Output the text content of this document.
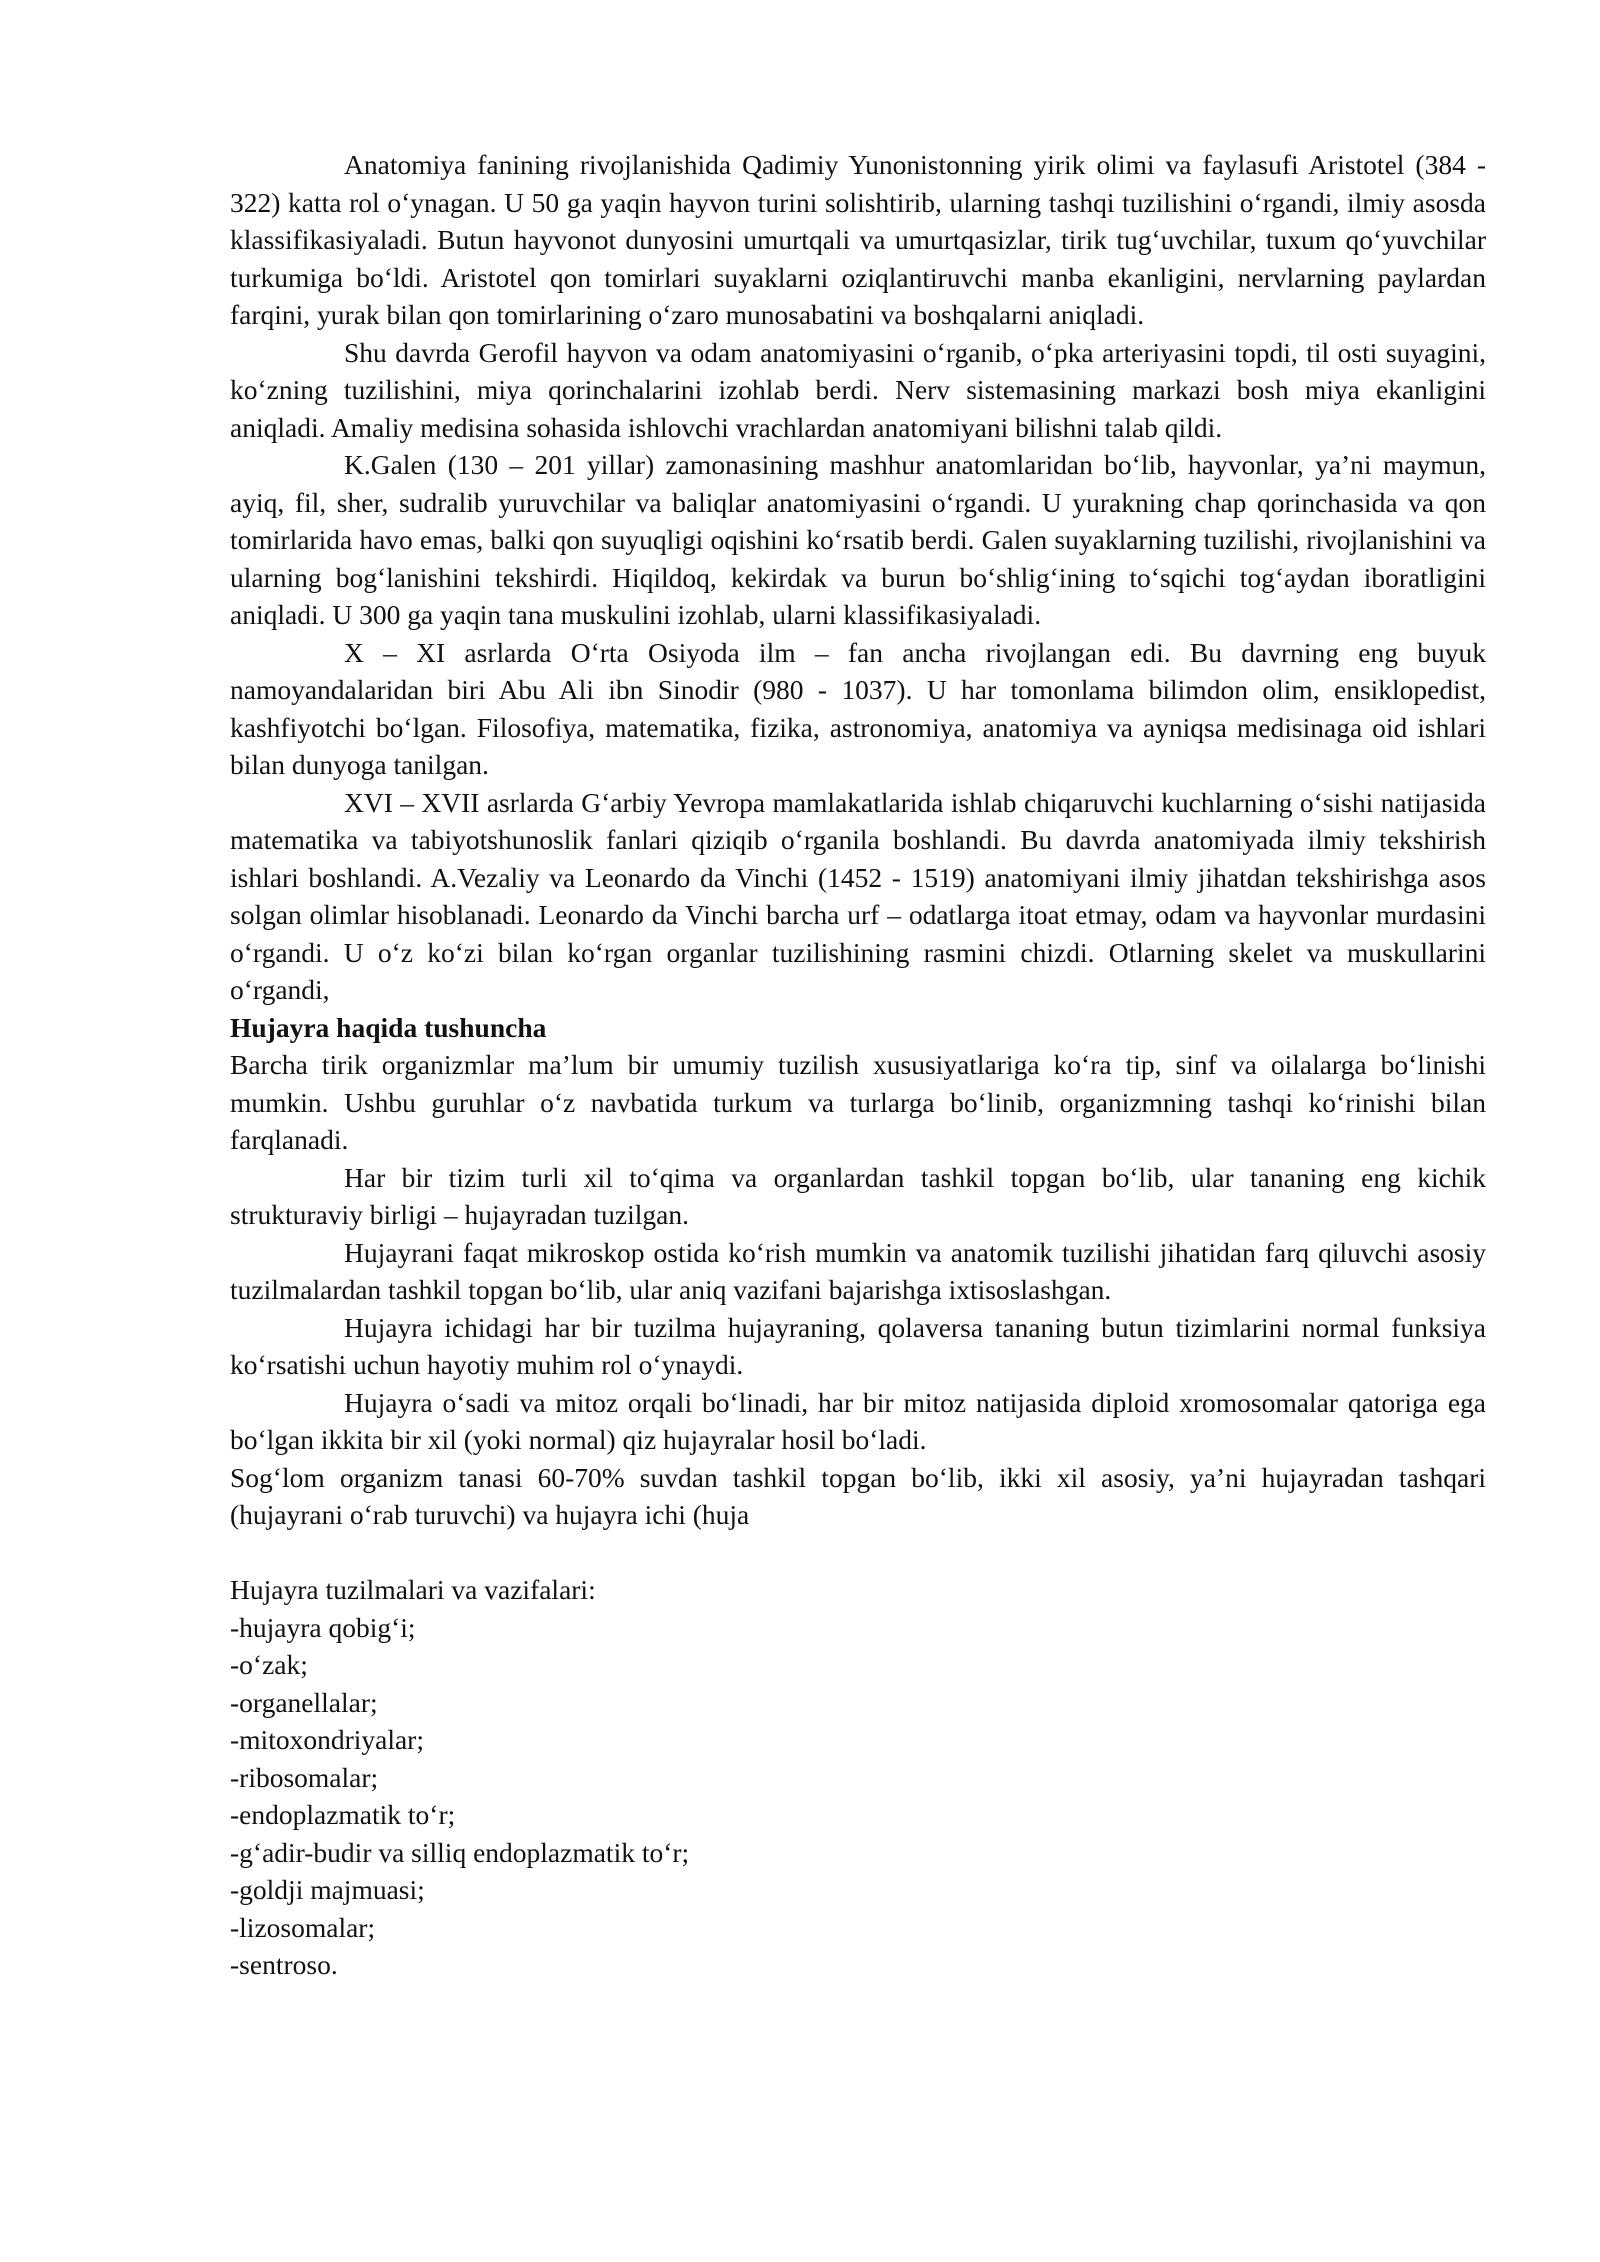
Anatomiya fanining rivojlanishida Qadimiy Yunonistonning yirik olimi va faylasufi Aristotel (384 - 322) katta rol o‘ynagan. U 50 ga yaqin hayvon turini solishtirib, ularning tashqi tuzilishini o‘rgandi, ilmiy asosda klassifikasiyaladi. Butun hayvonot dunyosini umurtqali va umurtqasizlar, tirik tug‘uvchilar, tuxum qo‘yuvchilar turkumiga bo‘ldi. Aristotel qon tomirlari suyaklarni oziqlantiruvchi manba ekanligini, nervlarning paylardan farqini, yurak bilan qon tomirlarining o‘zaro munosabatini va boshqalarni aniqladi.

Shu davrda Gerofil hayvon va odam anatomiyasini o‘rganib, o‘pka arteriyasini topdi, til osti suyagini, ko‘zning tuzilishini, miya qorinchalarini izohlab berdi. Nerv sistemasining markazi bosh miya ekanligini aniqladi. Amaliy medisina sohasida ishlovchi vrachlardan anatomiyani bilishni talab qildi.

K.Galen (130 – 201 yillar) zamonasining mashhur anatomlaridan bo‘lib, hayvonlar, ya’ni maymun, ayiq, fil, sher, sudralib yuruvchilar va baliqlar anatomiyasini o‘rgandi. U yurakning chap qorinchasida va qon tomirlarida havo emas, balki qon suyuqligi oqishini ko‘rsatib berdi. Galen suyaklarning tuzilishi, rivojlanishini va ularning bog‘lanishini tekshirdi. Hiqildoq, kekirdak va burun bo‘shlig‘ining to‘sqichi tog‘aydan iboratligini aniqladi. U 300 ga yaqin tana muskulini izohlab, ularni klassifikasiyaladi.

X – XI asrlarda O‘rta Osiyoda ilm – fan ancha rivojlangan edi. Bu davrning eng buyuk namoyandalaridan biri Abu Ali ibn Sinodir (980 - 1037). U har tomonlama bilimdon olim, ensiklopedist, kashfiyotchi bo‘lgan. Filosofiya, matematika, fizika, astronomiya, anatomiya va ayniqsa medisinaga oid ishlari bilan dunyoga tanilgan.

XVI – XVII asrlarda G‘arbiy Yevropa mamlakatlarida ishlab chiqaruvchi kuchlarning o‘sishi natijasida matematika va tabiyotshunoslik fanlari qiziqib o‘rganila boshlandi. Bu davrda anatomiyada ilmiy tekshirish ishlari boshlandi. A.Vezaliy va Leonardo da Vinchi (1452 - 1519) anatomiyani ilmiy jihatdan tekshirishga asos solgan olimlar hisoblanadi. Leonardo da Vinchi barcha urf – odatlarga itoat etmay, odam va hayvonlar murdasini o‘rgandi. U o‘z ko‘zi bilan ko‘rgan organlar tuzilishining rasmini chizdi. Otlarning skelet va muskullarini o‘rgandi,

Hujayra haqida tushuncha

Barcha tirik organizmlar ma’lum bir umumiy tuzilish xususiyatlariga ko‘ra tip, sinf va oilalarga bo‘linishi mumkin. Ushbu guruhlar o‘z navbatida turkum va turlarga bo‘linib, organizmning tashqi ko‘rinishi bilan farqlanadi.

Har bir tizim turli xil to‘qima va organlardan tashkil topgan bo‘lib, ular tananing eng kichik strukturaviy birligi – hujayradan tuzilgan.

Hujayrani faqat mikroskop ostida ko‘rish mumkin va anatomik tuzilishi jihatidan farq qiluvchi asosiy tuzilmalardan tashkil topgan bo‘lib, ular aniq vazifani bajarishga ixtisoslashgan.

Hujayra ichidagi har bir tuzilma hujayraning, qolaversa tananing butun tizimlarini normal funksiya ko‘rsatishi uchun hayotiy muhim rol o‘ynaydi.

Hujayra o‘sadi va mitoz orqali bo‘linadi, har bir mitoz natijasida diploid xromosomalar qatoriga ega bo‘lgan ikkita bir xil (yoki normal) qiz hujayralar hosil bo‘ladi.

Sog‘lom organizm tanasi 60-70% suvdan tashkil topgan bo‘lib, ikki xil asosiy, ya’ni hujayradan tashqari (hujayrani o‘rab turuvchi) va hujayra ichi (huja

Hujayra tuzilmalari va vazifalari:

-hujayra qobig‘i;

-o‘zak;

-organellalar;

-mitoxondriyalar;

-ribosomalar;

-endoplazmatik to‘r;

-g‘adir-budir va silliq endoplazmatik to‘r;

-goldji majmuasi;

-lizosomalar;

-sentroso.
